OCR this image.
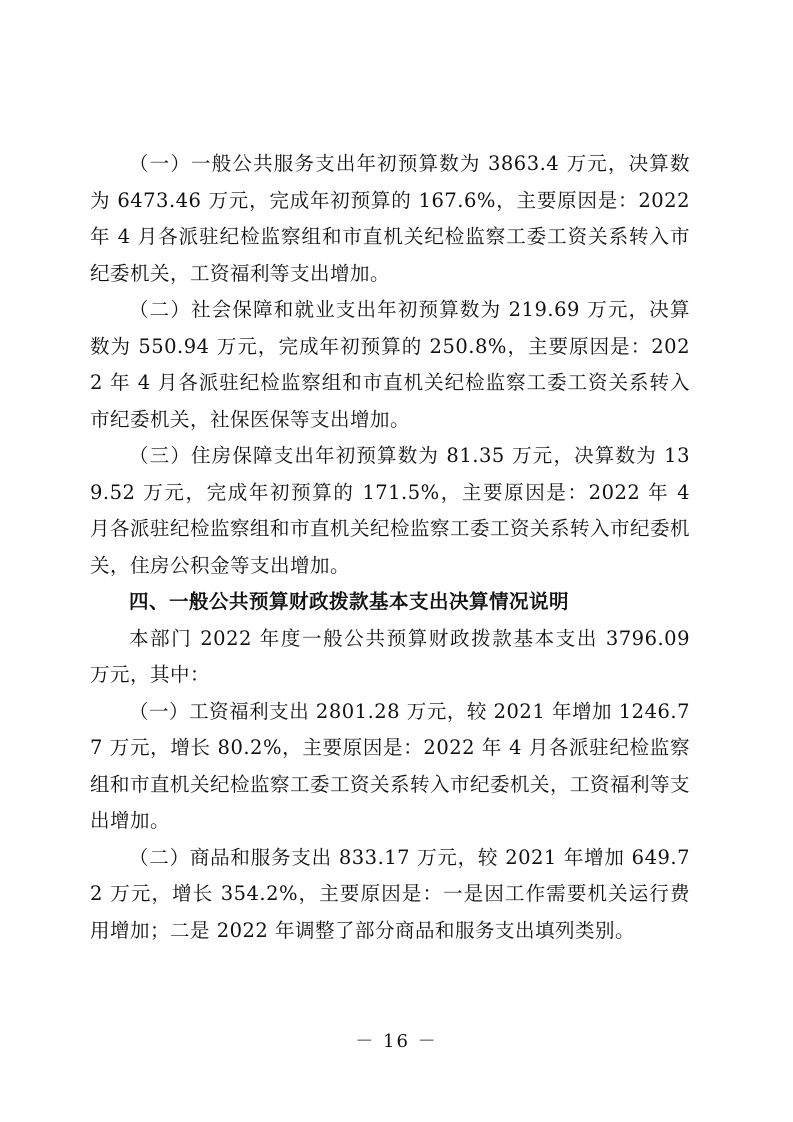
（一）一般公共服务支出年初预算数为 3863.4 万元，决算数为 6473.46 万元，完成年初预算的 167.6%，主要原因是：2022 年 4 月各派驻纪检监察组和市直机关纪检监察工委工资关系转入市纪委机关，工资福利等支出增加。

（二）社会保障和就业支出年初预算数为 219.69 万元，决算数为 550.94 万元，完成年初预算的 250.8%，主要原因是：2022 年 4 月各派驻纪检监察组和市直机关纪检监察工委工资关系转入市纪委机关，社保医保等支出增加。

（三）住房保障支出年初预算数为 81.35 万元，决算数为 139.52 万元，完成年初预算的 171.5%，主要原因是：2022 年 4 月各派驻纪检监察组和市直机关纪检监察工委工资关系转入市纪委机关，住房公积金等支出增加。

四、一般公共预算财政拨款基本支出决算情况说明

本部门 2022 年度一般公共预算财政拨款基本支出 3796.09 万元，其中：

（一）工资福利支出 2801.28 万元，较 2021 年增加 1246.77 万元，增长 80.2%，主要原因是：2022 年 4 月各派驻纪检监察组和市直机关纪检监察工委工资关系转入市纪委机关，工资福利等支出增加。

（二）商品和服务支出 833.17 万元，较 2021 年增加 649.72 万元，增长 354.2%，主要原因是：一是因工作需要机关运行费用增加；二是 2022 年调整了部分商品和服务支出填列类别。

－ 16 －
